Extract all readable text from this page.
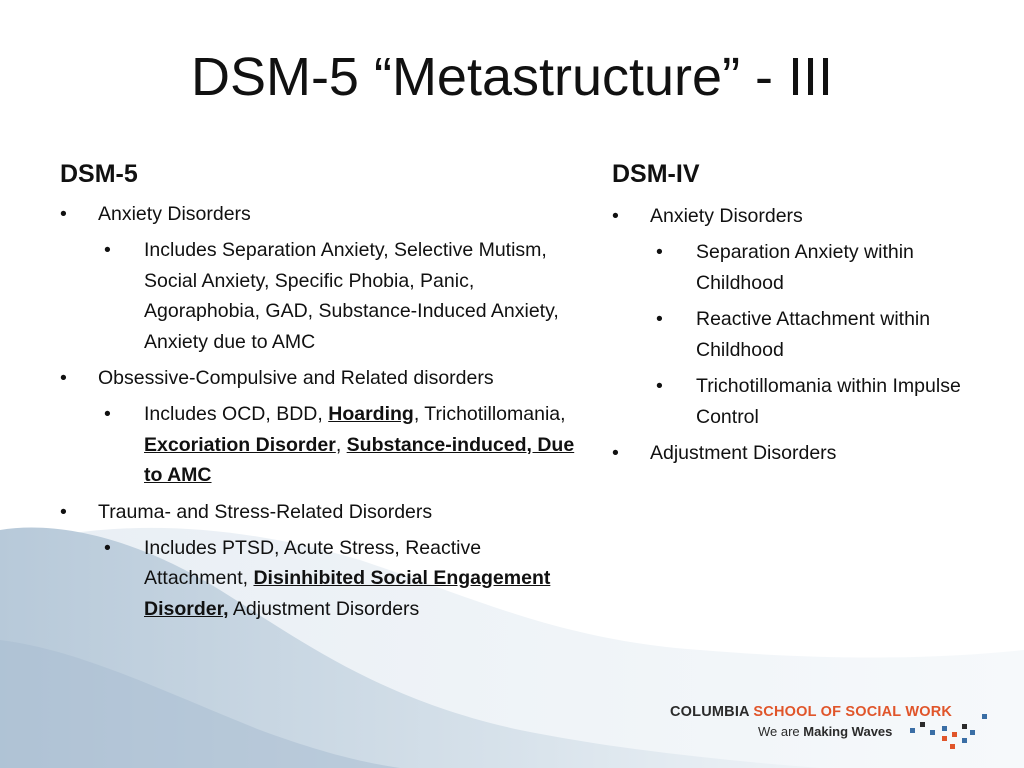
DSM-5 “Metastructure” - III
DSM-5
• Anxiety Disorders
• Includes Separation Anxiety, Selective Mutism, Social Anxiety, Specific Phobia, Panic, Agoraphobia, GAD, Substance-Induced Anxiety, Anxiety due to AMC
• Obsessive-Compulsive and Related disorders
• Includes OCD, BDD, Hoarding, Trichotillomania, Excoriation Disorder, Substance-induced, Due to AMC
• Trauma- and Stress-Related Disorders
• Includes PTSD, Acute Stress, Reactive Attachment, Disinhibited Social Engagement Disorder, Adjustment Disorders
DSM-IV
• Anxiety Disorders
• Separation Anxiety within Childhood
• Reactive Attachment within Childhood
• Trichotillomania within Impulse Control
• Adjustment Disorders
COLUMBIA SCHOOL OF SOCIAL WORK
We are Making Waves
